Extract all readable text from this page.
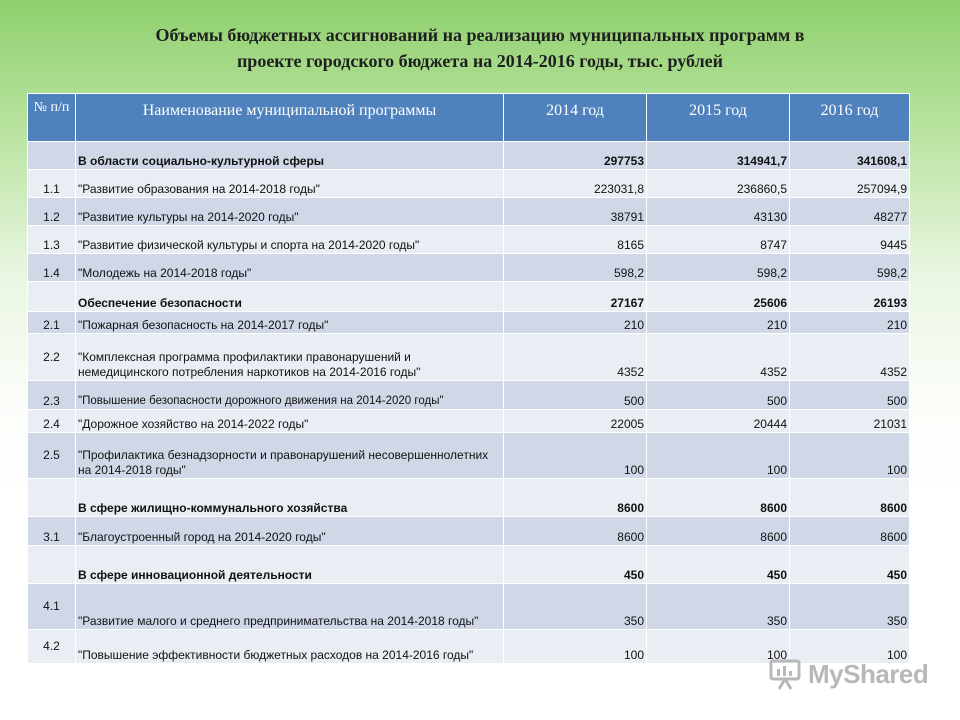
Объемы бюджетных ассигнований на реализацию муниципальных программ в
проекте городского бюджета на 2014-2016 годы, тыс. рублей
№ п/п	Наименование муниципальной программы	2014 год	2015 год	2016 год
	В области социально-культурной сферы	297753	314941,7	341608,1
1.1	"Развитие образования на 2014-2018 годы"	223031,8	236860,5	257094,9
1.2	"Развитие культуры на 2014-2020 годы"	38791	43130	48277
1.3	"Развитие физической культуры и спорта на 2014-2020 годы"	8165	8747	9445
1.4	"Молодежь на 2014-2018 годы"	598,2	598,2	598,2
	Обеспечение безопасности	27167	25606	26193
2.1	"Пожарная безопасность на 2014-2017 годы"	210	210	210
2.2	"Комплексная программа профилактики правонарушений и немедицинского потребления наркотиков на 2014-2016 годы"	4352	4352	4352
2.3	"Повышение безопасности дорожного движения на 2014-2020 годы"	500	500	500
2.4	"Дорожное хозяйство на 2014-2022 годы"	22005	20444	21031
2.5	"Профилактика безнадзорности и правонарушений несовершеннолетних на 2014-2018 годы"	100	100	100
	В сфере жилищно-коммунального хозяйства	8600	8600	8600
3.1	"Благоустроенный город на 2014-2020 годы"	8600	8600	8600
	В сфере инновационной деятельности	450	450	450
4.1	"Развитие малого и среднего предпринимательства на 2014-2018 годы"	350	350	350
4.2	"Повышение эффективности бюджетных расходов на 2014-2016 годы"	100	100	100
MyShared
